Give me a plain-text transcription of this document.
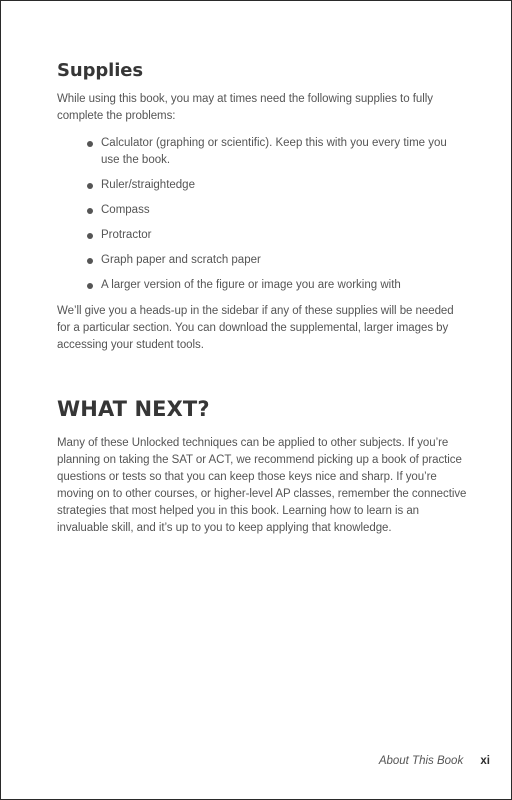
Supplies

While using this book, you may at times need the following supplies to fully complete the problems:

Calculator (graphing or scientific). Keep this with you every time you use the book.
Ruler/straightedge
Compass
Protractor
Graph paper and scratch paper
A larger version of the figure or image you are working with

We’ll give you a heads-up in the sidebar if any of these supplies will be needed for a particular section. You can download the supplemental, larger images by accessing your student tools.

WHAT NEXT?

Many of these Unlocked techniques can be applied to other subjects. If you’re planning on taking the SAT or ACT, we recommend picking up a book of practice questions or tests so that you can keep those keys nice and sharp. If you’re moving on to other courses, or higher-level AP classes, remember the connective strategies that most helped you in this book. Learning how to learn is an invaluable skill, and it’s up to you to keep applying that knowledge.

About This Book xi
